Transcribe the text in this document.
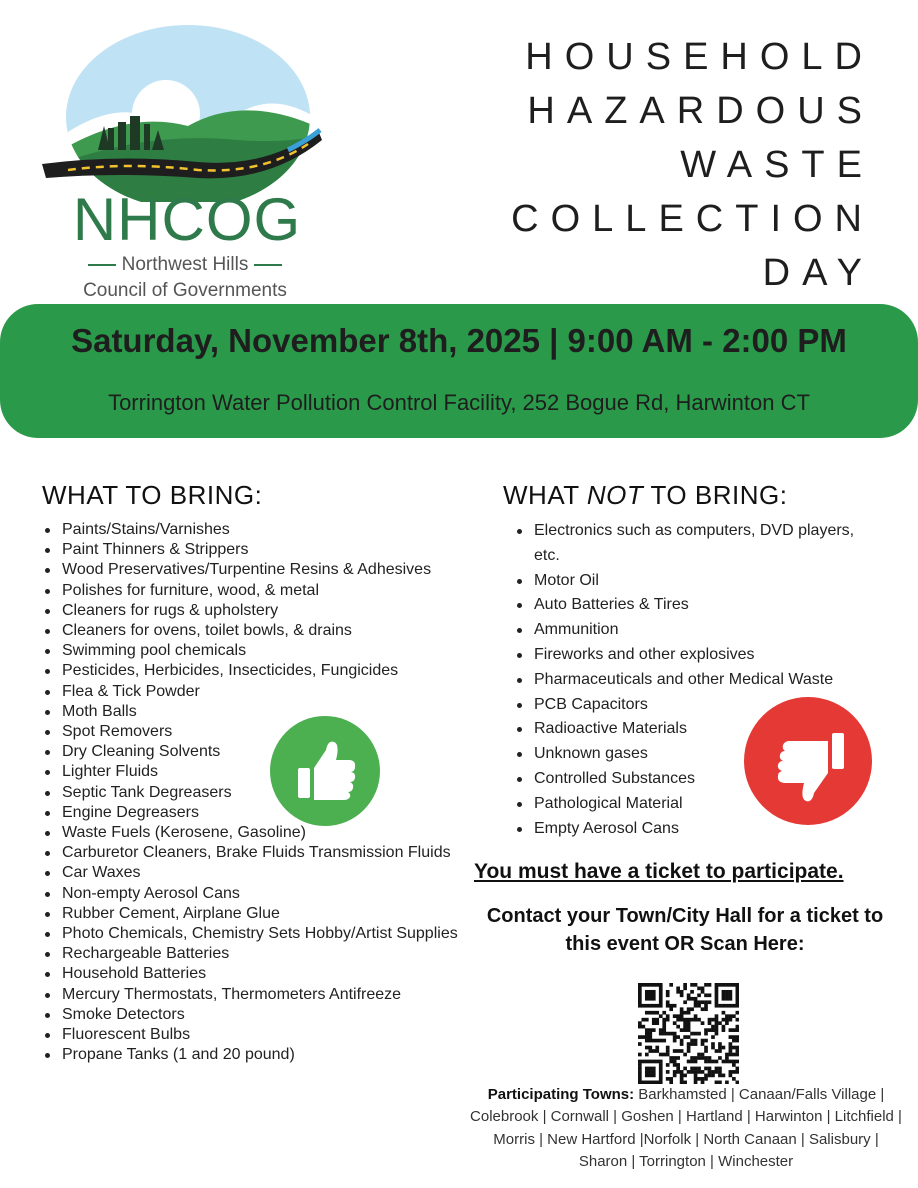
NHCOG
Northwest Hills
Council of Governments
HOUSEHOLD
HAZARDOUS
WASTE
COLLECTION
DAY
Saturday, November 8th, 2025 | 9:00 AM - 2:00 PM
Torrington Water Pollution Control Facility, 252 Bogue Rd, Harwinton CT
WHAT TO BRING:
Paints/Stains/Varnishes
Paint Thinners & Strippers
Wood Preservatives/Turpentine Resins & Adhesives
Polishes for furniture, wood, & metal
Cleaners for rugs & upholstery
Cleaners for ovens, toilet bowls, & drains
Swimming pool chemicals
Pesticides, Herbicides, Insecticides, Fungicides
Flea & Tick Powder
Moth Balls
Spot Removers
Dry Cleaning Solvents
Lighter Fluids
Septic Tank Degreasers
Engine Degreasers
Waste Fuels (Kerosene, Gasoline)
Carburetor Cleaners, Brake Fluids Transmission Fluids
Car Waxes
Non-empty Aerosol Cans
Rubber Cement, Airplane Glue
Photo Chemicals, Chemistry Sets Hobby/Artist Supplies
Rechargeable Batteries
Household Batteries
Mercury Thermostats, Thermometers Antifreeze
Smoke Detectors
Fluorescent Bulbs
Propane Tanks (1 and 20 pound)
WHAT NOT TO BRING:
Electronics such as computers, DVD players, etc.
Motor Oil
Auto Batteries & Tires
Ammunition
Fireworks and other explosives
Pharmaceuticals and other Medical Waste
PCB Capacitors
Radioactive Materials
Unknown gases
Controlled Substances
Pathological Material
Empty Aerosol Cans
You must have a ticket to participate.
Contact your Town/City Hall for a ticket to this event OR Scan Here:
Participating Towns: Barkhamsted | Canaan/Falls Village | Colebrook | Cornwall | Goshen | Hartland | Harwinton | Litchfield | Morris | New Hartford |Norfolk | North Canaan | Salisbury | Sharon | Torrington | Winchester
